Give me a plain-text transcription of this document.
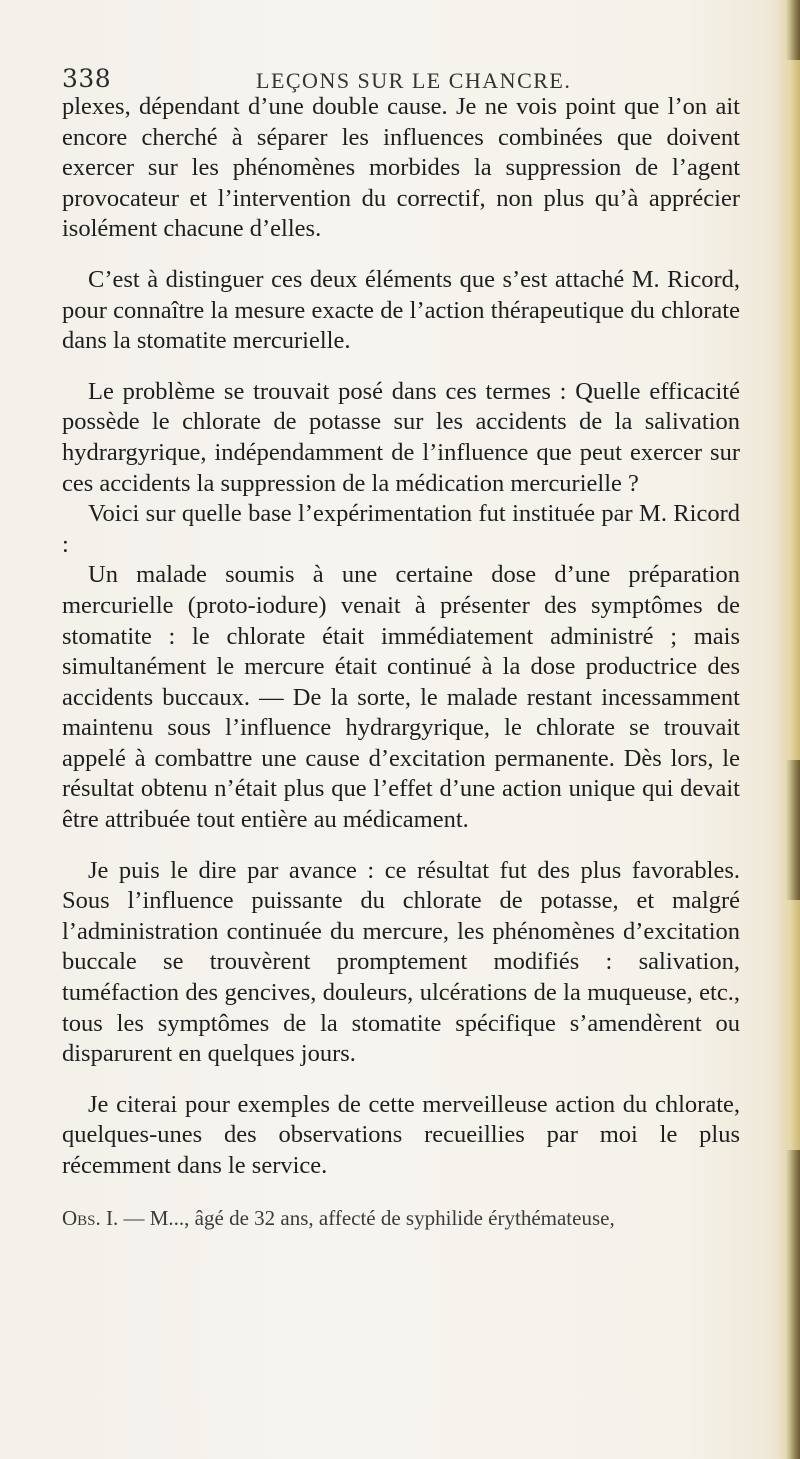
338	LEÇONS SUR LE CHANCRE.

plexes, dépendant d’une double cause. Je ne vois point que l’on ait encore cherché à séparer les influences combinées que doivent exercer sur les phénomènes morbides la suppression de l’agent provocateur et l’intervention du correctif, non plus qu’à apprécier isolément chacune d’elles.

C’est à distinguer ces deux éléments que s’est attaché M. Ricord, pour connaître la mesure exacte de l’action thérapeutique du chlorate dans la stomatite mercurielle.

Le problème se trouvait posé dans ces termes : Quelle efficacité possède le chlorate de potasse sur les accidents de la salivation hydrargyrique, indépendamment de l’influence que peut exercer sur ces accidents la suppression de la médication mercurielle ?

Voici sur quelle base l’expérimentation fut instituée par M. Ricord :

Un malade soumis à une certaine dose d’une préparation mercurielle (proto-iodure) venait à présenter des symptômes de stomatite : le chlorate était immédiatement administré ; mais simultanément le mercure était continué à la dose productrice des accidents buccaux. — De la sorte, le malade restant incessamment maintenu sous l’influence hydrargyrique, le chlorate se trouvait appelé à combattre une cause d’excitation permanente. Dès lors, le résultat obtenu n’était plus que l’effet d’une action unique qui devait être attribuée tout entière au médicament.

Je puis le dire par avance : ce résultat fut des plus favorables. Sous l’influence puissante du chlorate de potasse, et malgré l’administration continuée du mercure, les phénomènes d’excitation buccale se trouvèrent promptement modifiés : salivation, tuméfaction des gencives, douleurs, ulcérations de la muqueuse, etc., tous les symptômes de la stomatite spécifique s’amendèrent ou disparurent en quelques jours.

Je citerai pour exemples de cette merveilleuse action du chlorate, quelques-unes des observations recueillies par moi le plus récemment dans le service.

Obs. I. — M..., âgé de 32 ans, affecté de syphilide érythémateuse,
